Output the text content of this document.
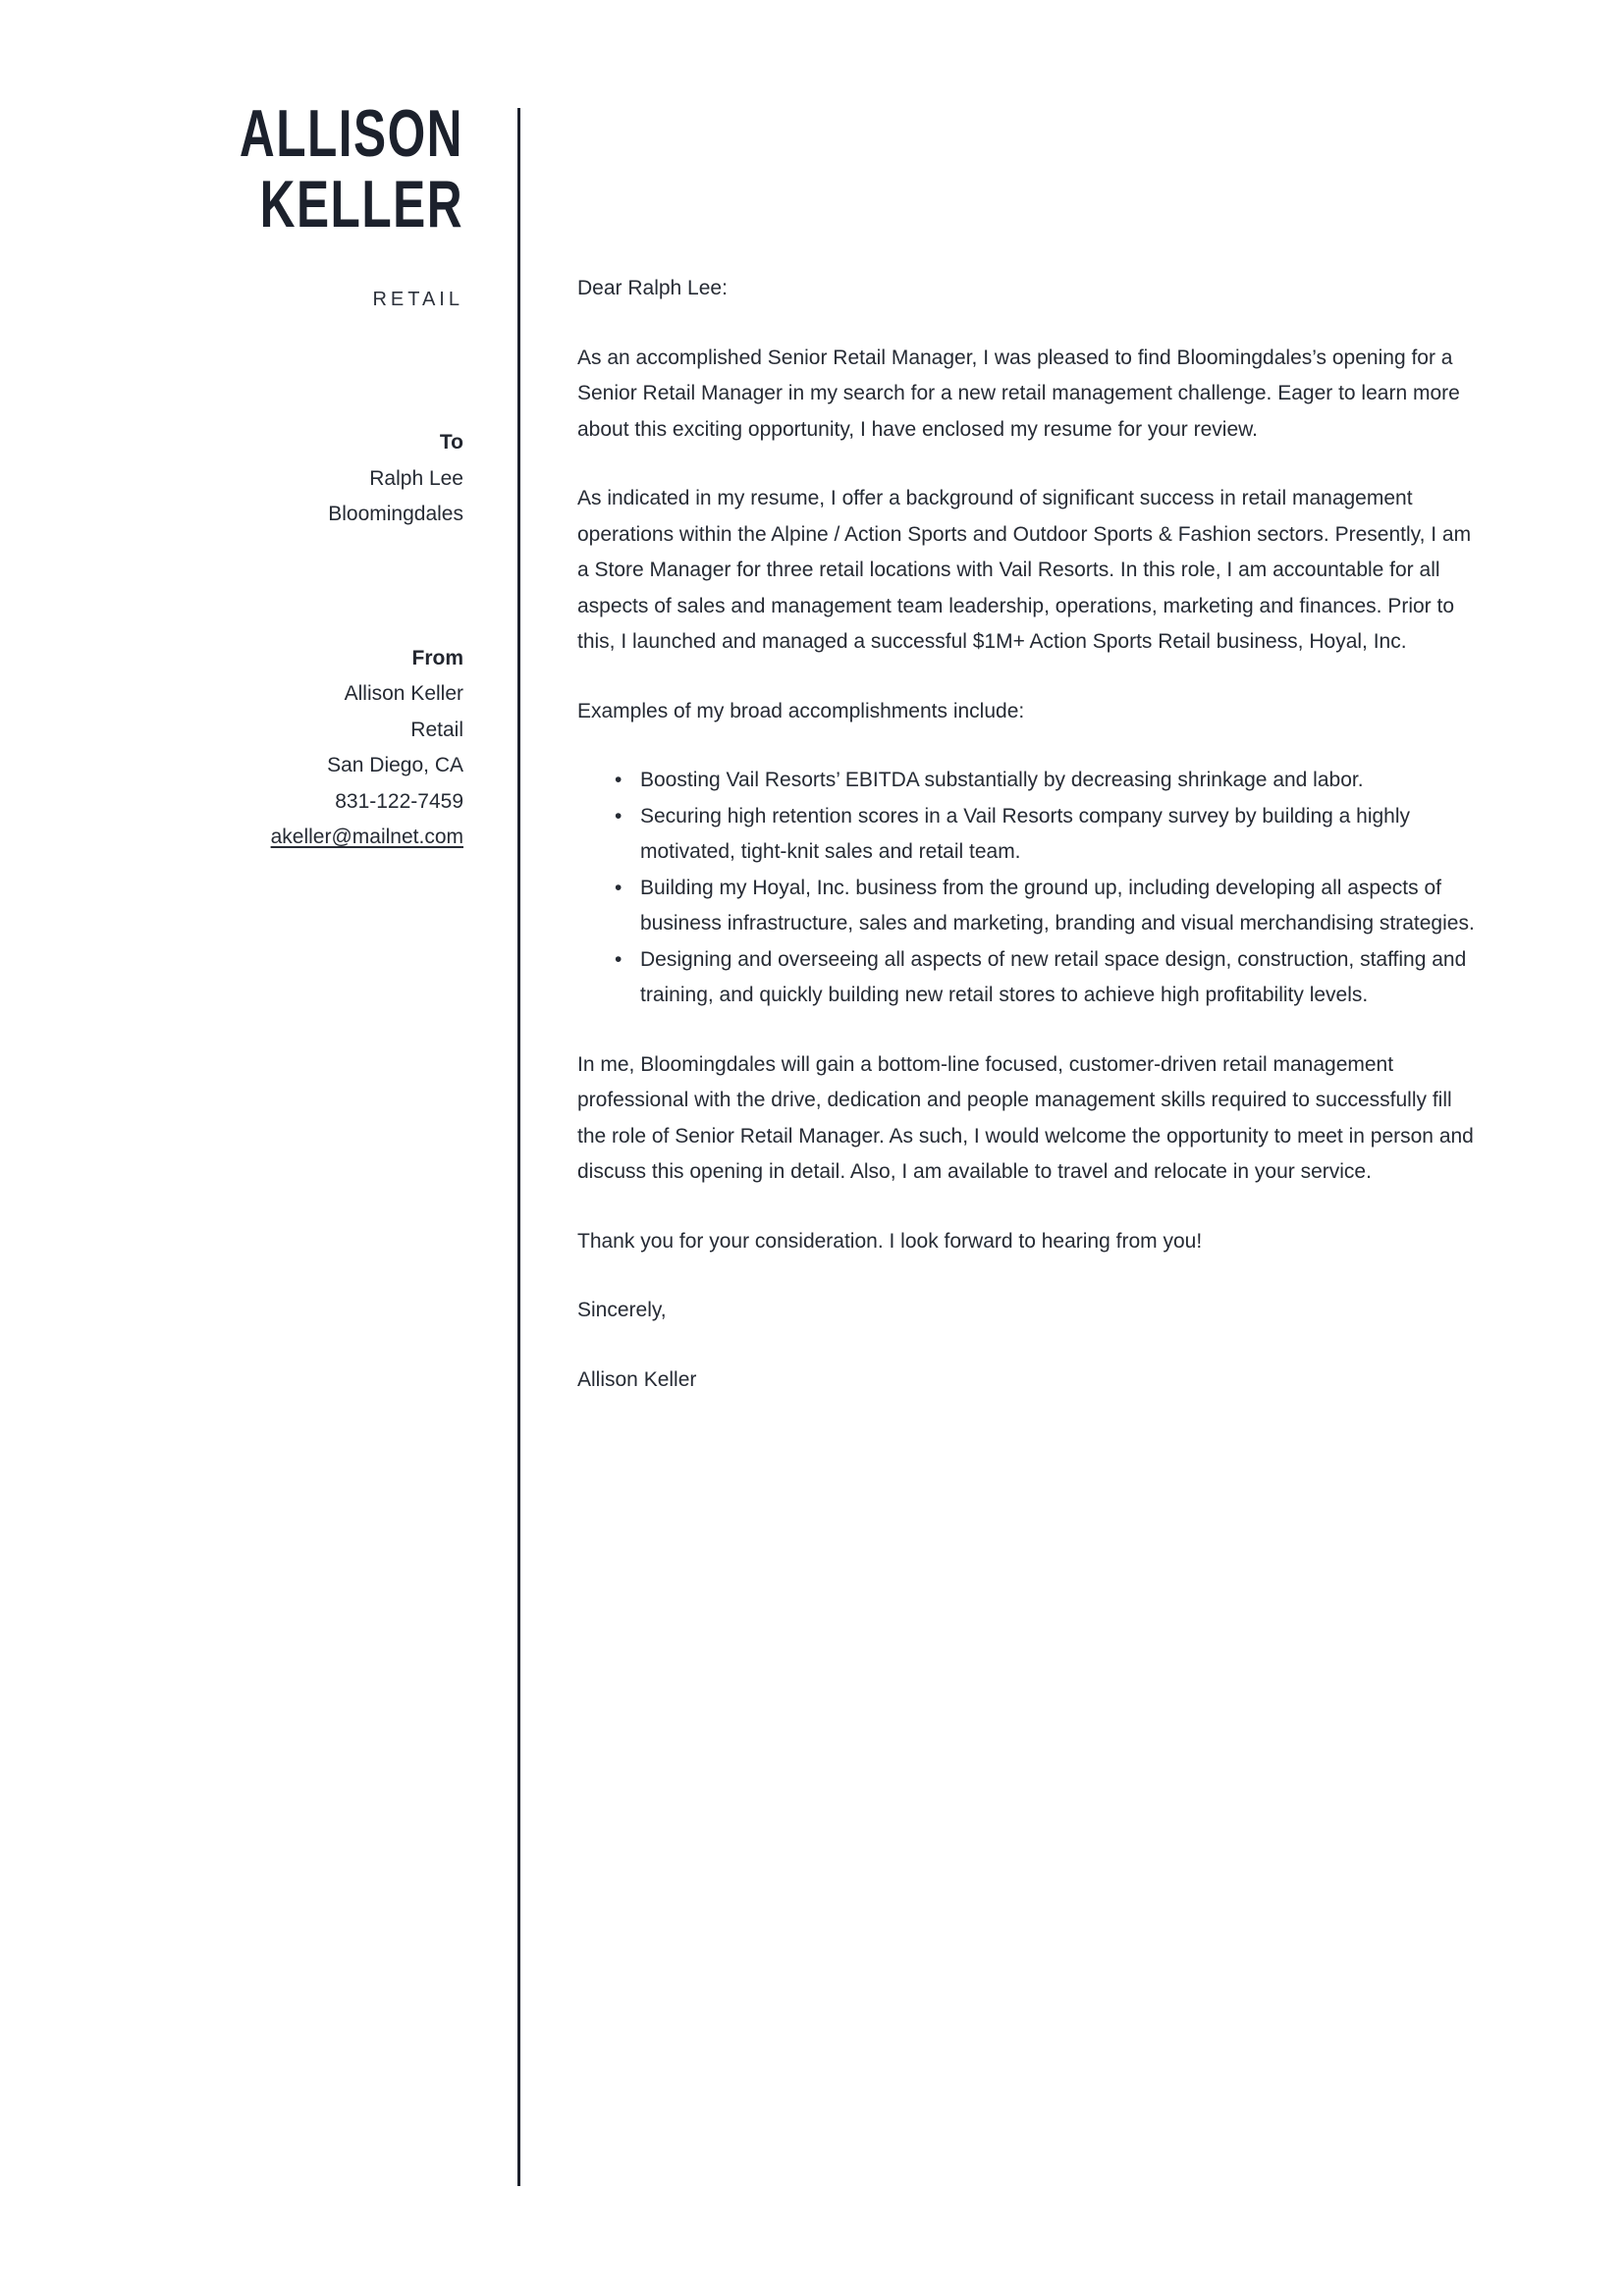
ALLISON
KELLER
RETAIL
To
Ralph Lee
Bloomingdales
From
Allison Keller
Retail
San Diego, CA
831-122-7459
akeller@mailnet.com

Dear Ralph Lee:

As an accomplished Senior Retail Manager, I was pleased to find Bloomingdales’s opening for a Senior Retail Manager in my search for a new retail management challenge. Eager to learn more about this exciting opportunity, I have enclosed my resume for your review.

As indicated in my resume, I offer a background of significant success in retail management operations within the Alpine / Action Sports and Outdoor Sports & Fashion sectors. Presently, I am a Store Manager for three retail locations with Vail Resorts. In this role, I am accountable for all aspects of sales and management team leadership, operations, marketing and finances. Prior to this, I launched and managed a successful $1M+ Action Sports Retail business, Hoyal, Inc.

Examples of my broad accomplishments include:

• Boosting Vail Resorts’ EBITDA substantially by decreasing shrinkage and labor.
• Securing high retention scores in a Vail Resorts company survey by building a highly motivated, tight-knit sales and retail team.
• Building my Hoyal, Inc. business from the ground up, including developing all aspects of business infrastructure, sales and marketing, branding and visual merchandising strategies.
• Designing and overseeing all aspects of new retail space design, construction, staffing and training, and quickly building new retail stores to achieve high profitability levels.

In me, Bloomingdales will gain a bottom-line focused, customer-driven retail management professional with the drive, dedication and people management skills required to successfully fill the role of Senior Retail Manager. As such, I would welcome the opportunity to meet in person and discuss this opening in detail. Also, I am available to travel and relocate in your service.

Thank you for your consideration. I look forward to hearing from you!

Sincerely,

Allison Keller
